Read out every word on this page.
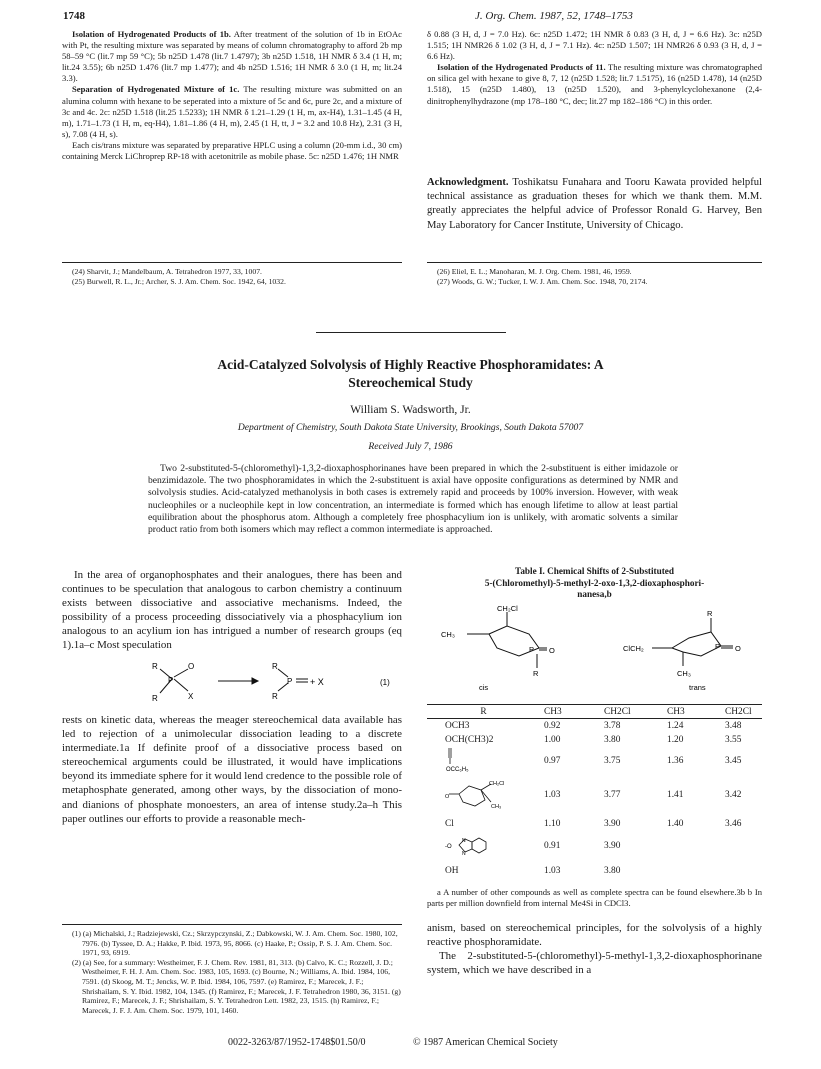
1748	J. Org. Chem. 1987, 52, 1748–1753

Isolation of Hydrogenated Products of 1b. After treatment of the solution of 1b in EtOAc with Pt, the resulting mixture was separated by means of column chromatography to afford 2b mp 58–59 °C (lit.7 mp 59 °C); 5b n25D 1.478 (lit.7 1.4797); 3b n25D 1.518, 1H NMR δ 3.4 (1 H, m; lit.24 3.55); 6b n25D 1.476 (lit.7 mp 1.477); and 4b n25D 1.516; 1H NMR δ 3.0 (1 H, m; lit.24 3.3).

Separation of Hydrogenated Mixture of 1c. The resulting mixture was submitted on an alumina column with hexane to be seperated into a mixture of 5c and 6c, pure 2c, and a mixture of 3c and 4c. 2c: n25D 1.518 (lit.25 1.5233); 1H NMR δ 1.21–1.29 (1 H, m, ax-H4), 1.31–1.45 (4 H, m), 1.71–1.73 (1 H, m, eq-H4), 1.81–1.86 (4 H, m), 2.45 (1 H, tt, J = 3.2 and 10.8 Hz), 2.31 (3 H, s), 7.08 (4 H, s).

Each cis/trans mixture was separated by preparative HPLC using a column (20-mm i.d., 30 cm) containing Merck LiChroprep RP-18 with acetonitrile as mobile phase. 5c: n25D 1.476; 1H NMR

δ 0.88 (3 H, d, J = 7.0 Hz). 6c: n25D 1.472; 1H NMR δ 0.83 (3 H, d, J = 6.6 Hz). 3c: n25D 1.515; 1H NMR26 δ 1.02 (3 H, d, J = 7.1 Hz). 4c: n25D 1.507; 1H NMR26 δ 0.93 (3 H, d, J = 6.6 Hz).

Isolation of the Hydrogenated Products of 11. The resulting mixture was chromatographed on silica gel with hexane to give 8, 7, 12 (n25D 1.528; lit.7 1.5175), 16 (n25D 1.478), 14 (n25D 1.518), 15 (n25D 1.480), 13 (n25D 1.520), and 3-phenylcyclohexanone (2,4-dinitrophenylhydrazone (mp 178–180 °C, dec; lit.27 mp 182–186 °C) in this order.

Acknowledgment. Toshikatsu Funahara and Tooru Kawata provided helpful technical assistance as graduation theses for which we thank them. M.M. greatly appreciates the helpful advice of Professor Ronald G. Harvey, Ben May Laboratory for Cancer Institute, University of Chicago.
(24) Sharvit, J.; Mandelbaum, A. Tetrahedron 1977, 33, 1007.
(25) Burwell, R. L., Jr.; Archer, S. J. Am. Chem. Soc. 1942, 64, 1032.
(26) Eliel, E. L.; Manoharan, M. J. Org. Chem. 1981, 46, 1959.
(27) Woods, G. W.; Tucker, I. W. J. Am. Chem. Soc. 1948, 70, 2174.
Acid-Catalyzed Solvolysis of Highly Reactive Phosphoramidates: A
Stereochemical Study
William S. Wadsworth, Jr.
Department of Chemistry, South Dakota State University, Brookings, South Dakota 57007
Received July 7, 1986
Two 2-substituted-5-(chloromethyl)-1,3,2-dioxaphosphorinanes have been prepared in which the 2-substituent is either imidazole or benzimidazole. The two phosphoramidates in which the 2-substituent is axial have opposite configurations as determined by NMR and solvolysis studies. Acid-catalyzed methanolysis in both cases is extremely rapid and proceeds by 100% inversion. However, with weak nucleophiles or a nucleophile kept in low concentration, an intermediate is formed which has enough lifetime to allow at least partial equilibration about the phosphorus atom. Although a completely free phosphacylium ion is unlikely, with aromatic solvents a similar product ratio from both isomers which may reflect a common intermediate is approached.

In the area of organophosphates and their analogues, there has been and continues to be speculation that analogous to carbon chemistry a continuum exists between dissociative and associative mechanisms. Indeed, the possibility of a process proceeding dissociatively via a phosphacylium ion analogous to an acylium ion has intrigued a number of research groups (eq 1).1a–c Most speculation

R
P
O
R	X
R
P
R
+ X	(1)

rests on kinetic data, whereas the meager stereochemical data available has led to rejection of a unimolecular dissociation leading to a discrete intermediate.1a If definite proof of a dissociative process based on stereochemical arguments could be illustrated, it would have implications beyond its immediate sphere for it would lend credence to the possible role of metaphosphate generated, among other ways, by the dissociation of mono- and dianions of phosphate monoesters, an area of intense study.2a–h This paper outlines our efforts to provide a reasonable mech-

(1) (a) Michalski, J.; Radziejewski, Cz.; Skrzypczynski, Z.; Dabkowski, W. J. Am. Chem. Soc. 1980, 102, 7976. (b) Tyssee, D. A.; Hakke, P. Ibid. 1973, 95, 8066. (c) Haake, P.; Ossip, P. S. J. Am. Chem. Soc. 1971, 93, 6919.
(2) (a) See, for a summary: Westheimer, F. J. Chem. Rev. 1981, 81, 313. (b) Calvo, K. C.; Rozzell, J. D.; Westheimer, F. H. J. Am. Chem. Soc. 1983, 105, 1693. (c) Bourne, N.; Williams, A. Ibid. 1984, 106, 7591. (d) Skoog, M. T.; Jencks, W. P. Ibid. 1984, 106, 7597. (e) Ramirez, F.; Marecek, J. F.; Shrishailam, S. Y. Ibid. 1982, 104, 1345. (f) Ramirez, F.; Marecek, J. F. Tetrahedron 1980, 36, 3151. (g) Ramirez, F.; Marecek, J. F.; Shrishailam, S. Y. Tetrahedron Lett. 1982, 23, 1515. (h) Ramirez, F.; Marecek, J. F. J. Am. Chem. Soc. 1979, 101, 1460.
Table I. Chemical Shifts of 2-Substituted
5-(Chloromethyl)-5-methyl-2-oxo-1,3,2-dioxaphosphori-
nanesa,b
CH₂Cl
CH₃
P O
R
R
P O
ClCH₂
CH₃
cis	trans
R	CH3	CH2Cl	CH3	CH2Cl
OCH3	0.92	3.78	1.24	3.48
OCH(CH3)2	1.00	3.80	1.20	3.55

OCC₆H₅	0.97	3.75	1.36	3.45

CH₂Cl
CH₃
O	1.03	3.77	1.41	3.42
Cl	1.10	3.90	1.40	3.46

-O
N
N	0.91	3.90		
OH	1.03	3.80		
a A number of other compounds as well as complete spectra can be found elsewhere.3b b In parts per million downfield from internal Me4Si in CDCl3.

anism, based on stereochemical principles, for the solvolysis of a highly reactive phosphoramidate.

The 2-substituted-5-(chloromethyl)-5-methyl-1,3,2-dioxaphosphorinane system, which we have described in a

0022-3263/87/1952-1748$01.50/0	© 1987 American Chemical Society
